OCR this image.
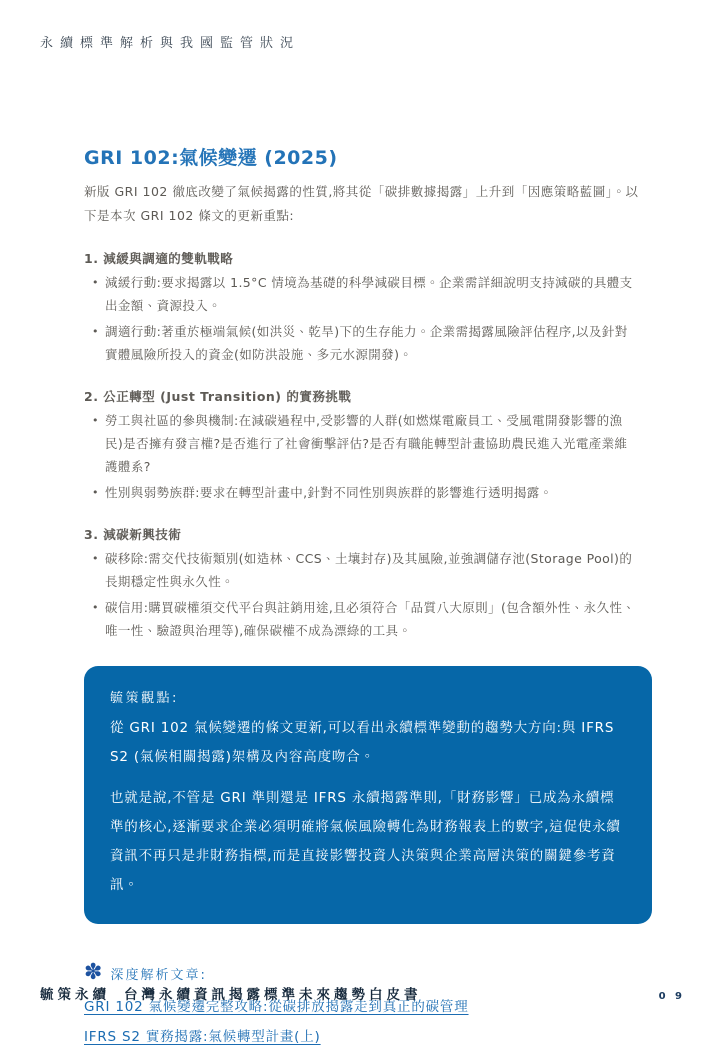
永續標準解析與我國監管狀況
GRI 102:氣候變遷 (2025)

新版 GRI 102 徹底改變了氣候揭露的性質,將其從「碳排數據揭露」上升到「因應策略藍圖」。以下是本次 GRI 102 條文的更新重點:

1. 減緩與調適的雙軌戰略
• 減緩行動:要求揭露以 1.5°C 情境為基礎的科學減碳目標。企業需詳細說明支持減碳的具體支出金額、資源投入。
• 調適行動:著重於極端氣候(如洪災、乾旱)下的生存能力。企業需揭露風險評估程序,以及針對實體風險所投入的資金(如防洪設施、多元水源開發)。
2. 公正轉型 (Just Transition) 的實務挑戰
• 勞工與社區的參與機制:在減碳過程中,受影響的人群(如燃煤電廠員工、受風電開發影響的漁民)是否擁有發言權?是否進行了社會衝擊評估?是否有職能轉型計畫協助農民進入光電產業維護體系?
• 性別與弱勢族群:要求在轉型計畫中,針對不同性別與族群的影響進行透明揭露。
3. 減碳新興技術
• 碳移除:需交代技術類別(如造林、CCS、土壤封存)及其風險,並強調儲存池(Storage Pool)的長期穩定性與永久性。
• 碳信用:購買碳權須交代平台與註銷用途,且必須符合「品質八大原則」(包含額外性、永久性、唯一性、驗證與治理等),確保碳權不成為漂綠的工具。
毓策觀點:

從 GRI 102 氣候變遷的條文更新,可以看出永續標準變動的趨勢大方向:與 IFRS S2 (氣候相關揭露)架構及內容高度吻合。

也就是說,不管是 GRI 準則還是 IFRS 永續揭露準則,「財務影響」已成為永續標準的核心,逐漸要求企業必須明確將氣候風險轉化為財務報表上的數字,這促使永續資訊不再只是非財務指標,而是直接影響投資人決策與企業高層決策的關鍵參考資訊。

✽ 深度解析文章:
GRI 102 氣候變遷完整攻略:從碳排放揭露走到真正的碳管理
IFRS S2 實務揭露:氣候轉型計畫(上)
毓策永續 台灣永續資訊揭露標準未來趨勢白皮書	0 9
